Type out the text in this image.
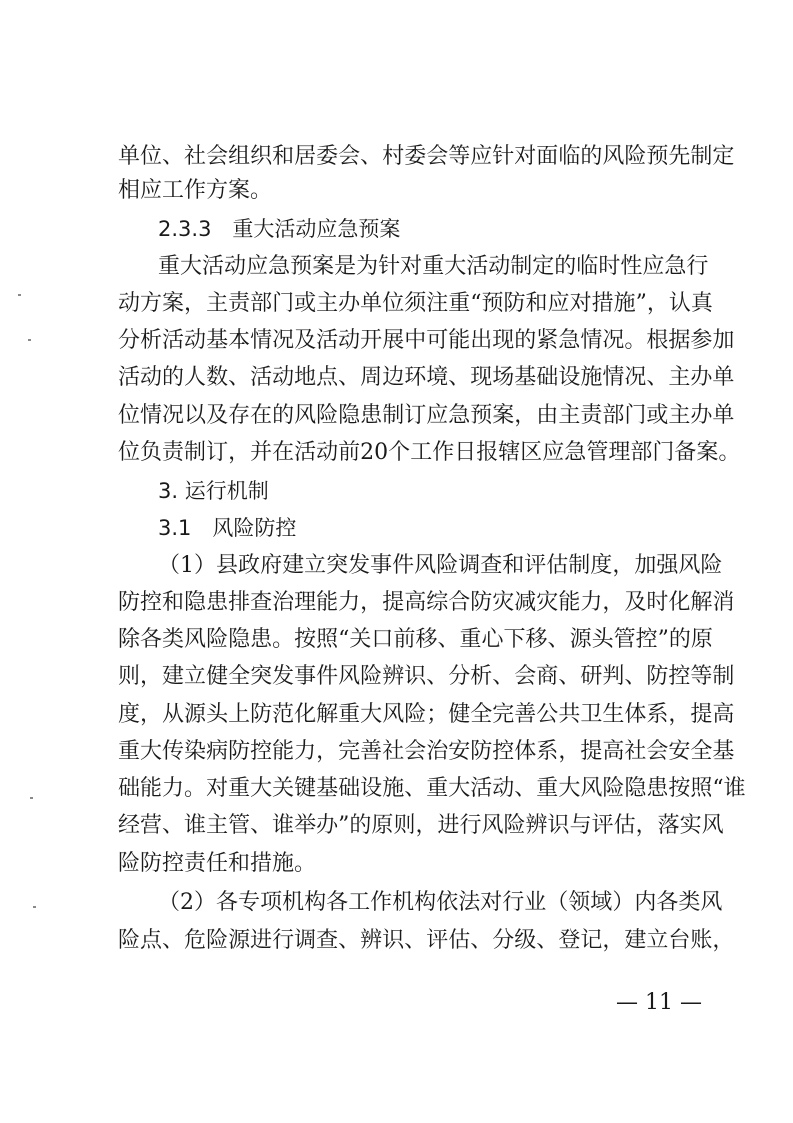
单 位 、 社 会 组 织 和 居 委 会 、 村 委 会 等 应 针 对 面 临 的 风 险 预 先 制 定
相应工作方案。
2.3.3　重大活动应急预案
重 大 活 动 应 急 预 案 是 为 针 对 重 大 活 动 制 定 的 临 时 性 应 急 行
动 方 案 ， 主 责 部 门 或 主 办 单 位 须 注 重 “ 预 防 和 应 对 措 施 ” ， 认 真
分 析 活 动 基 本 情 况 及 活 动 开 展 中 可 能 出 现 的 紧 急 情 况 。 根 据 参 加
活 动 的 人 数 、 活 动 地 点 、 周 边 环 境 、 现 场 基 础 设 施 情 况 、 主 办 单
位 情 况 以 及 存 在 的 风 险 隐 患 制 订 应 急 预 案 ， 由 主 责 部 门 或 主 办 单
位 负 责 制 订 ， 并 在 活 动 前 2 0 个 工 作 日 报 辖 区 应 急 管 理 部 门 备 案 。
3. 运行机制
3.1　风险防控
（ 1 ） 县 政 府 建 立 突 发 事 件 风 险 调 查 和 评 估 制 度 ， 加 强 风 险
防 控 和 隐 患 排 查 治 理 能 力 ， 提 高 综 合 防 灾 减 灾 能 力 ， 及 时 化 解 消
除 各 类 风 险 隐 患 。 按 照 “ 关 口 前 移 、 重 心 下 移 、 源 头 管 控 ” 的 原
则 ， 建 立 健 全 突 发 事 件 风 险 辨 识 、 分 析 、 会 商 、 研 判 、 防 控 等 制
度 ， 从 源 头 上 防 范 化 解 重 大 风 险 ； 健 全 完 善 公 共 卫 生 体 系 ， 提 高
重 大 传 染 病 防 控 能 力 ， 完 善 社 会 治 安 防 控 体 系 ， 提 高 社 会 安 全 基
础 能 力 。 对 重 大 关 键 基 础 设 施 、 重 大 活 动 、 重 大 风 险 隐 患 按 照 “ 谁
经 营 、 谁 主 管 、 谁 举 办 ” 的 原 则 ， 进 行 风 险 辨 识 与 评 估 ， 落 实 风
险防控责任和措施。
（ 2 ） 各 专 项 机 构 各 工 作 机 构 依 法 对 行 业 （ 领 域 ） 内 各 类 风
险 点 、 危 险 源 进 行 调 查 、 辨 识 、 评 估 、 分 级 、 登 记 ， 建 立 台 账 ，
— 11 —
